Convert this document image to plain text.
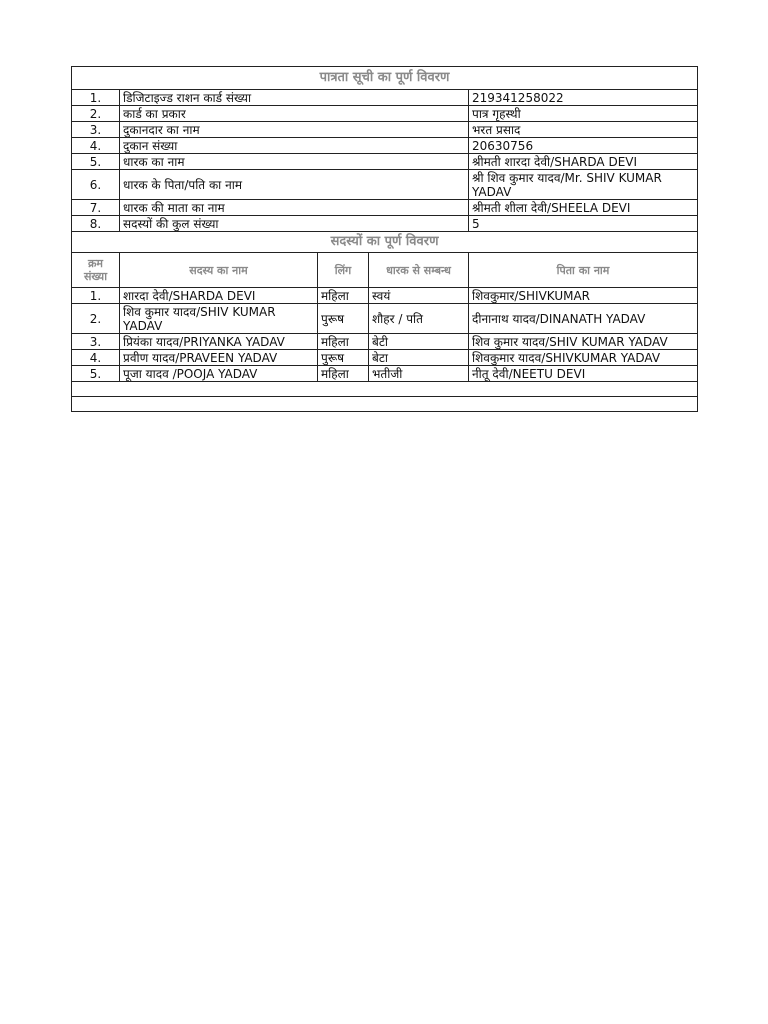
पात्रता सूची का पूर्ण विवरण				
1.	डिजिटाइज्ड राशन कार्ड संख्या			219341258022
2.	कार्ड का प्रकार			पात्र गृहस्थी
3.	दुकानदार का नाम			भरत प्रसाद
4.	दुकान संख्या			20630756
5.	धारक का नाम			श्रीमती शारदा देवी/SHARDA DEVI
6.	धारक के पिता/पति का नाम			श्री शिव कुमार यादव/Mr. SHIV KUMAR YADAV
7.	धारक की माता का नाम			श्रीमती शीला देवी/SHEELA DEVI
8.	सदस्यों की कुल संख्या			5
सदस्यों का पूर्ण विवरण				
क्रम संख्या	सदस्य का नाम	लिंग	धारक से सम्बन्ध	पिता का नाम
1.	शारदा देवी/SHARDA DEVI	महिला	स्वयं	शिवकुमार/SHIVKUMAR
2.	शिव कुमार यादव/SHIV KUMAR YADAV	पुरूष	शौहर / पति	दीनानाथ यादव/DINANATH YADAV
3.	प्रियंका यादव/PRIYANKA YADAV	महिला	बेटी	शिव कुमार यादव/SHIV KUMAR YADAV
4.	प्रवीण यादव/PRAVEEN YADAV	पुरूष	बेटा	शिवकुमार यादव/SHIVKUMAR YADAV
5.	पूजा यादव /POOJA YADAV	महिला	भतीजी	नीतू देवी/NEETU DEVI
